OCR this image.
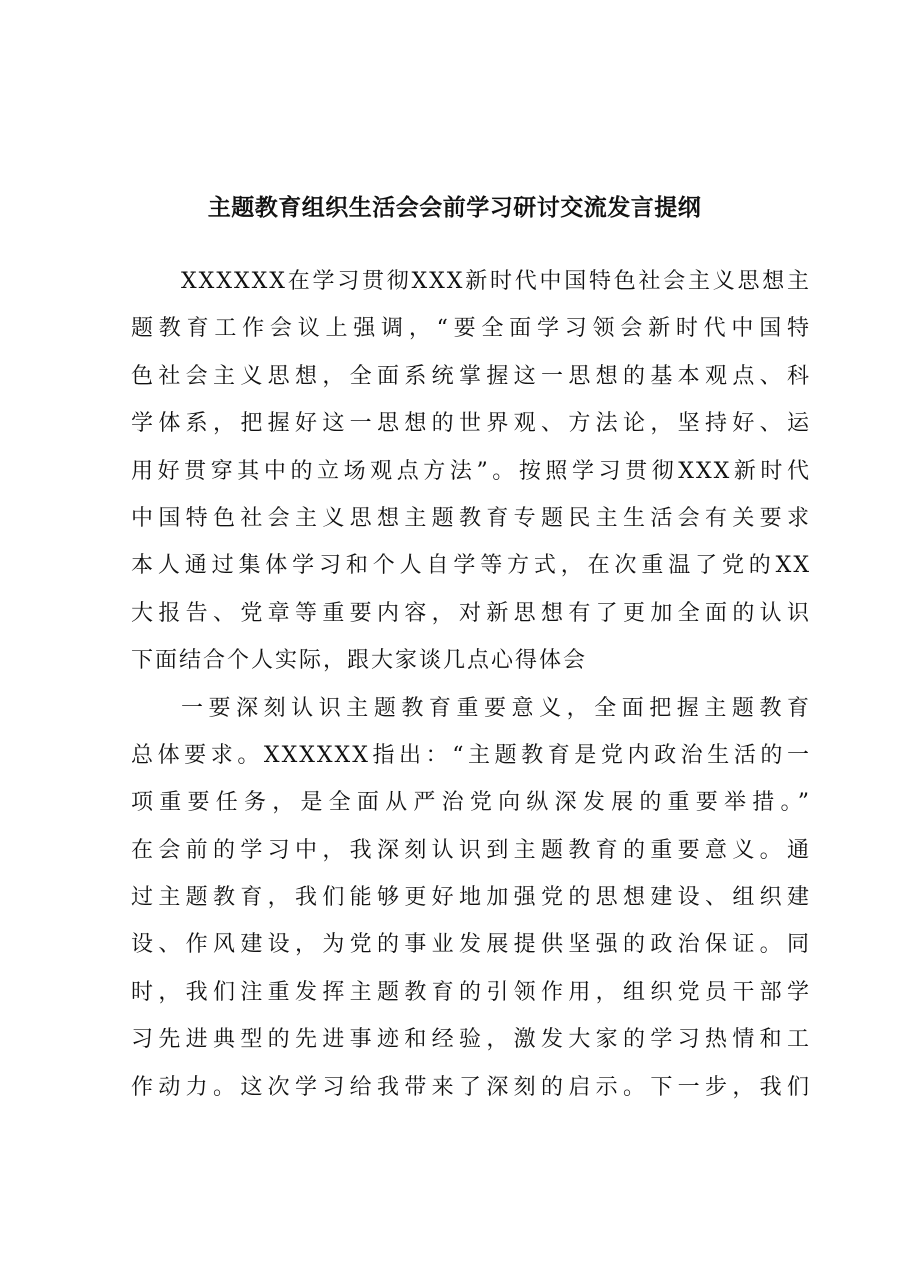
主题教育组织生活会会前学习研讨交流发言提纲
XXXXXX在学习贯彻XXX新时代中国特色社会主义思想主
题教育工作会议上强调，“要全面学习领会新时代中国特
色社会主义思想，全面系统掌握这一思想的基本观点、科
学体系，把握好这一思想的世界观、方法论，坚持好、运
用好贯穿其中的立场观点方法”。按照学习贯彻XXX新时代
中国特色社会主义思想主题教育专题民主生活会有关要求
本人通过集体学习和个人自学等方式，在次重温了党的XX
大报告、党章等重要内容，对新思想有了更加全面的认识
下面结合个人实际，跟大家谈几点心得体会
一要深刻认识主题教育重要意义，全面把握主题教育
总体要求。XXXXXX指出：“主题教育是党内政治生活的一
项重要任务，是全面从严治党向纵深发展的重要举措。”
在会前的学习中，我深刻认识到主题教育的重要意义。通
过主题教育，我们能够更好地加强党的思想建设、组织建
设、作风建设，为党的事业发展提供坚强的政治保证。同
时，我们注重发挥主题教育的引领作用，组织党员干部学
习先进典型的先进事迹和经验，激发大家的学习热情和工
作动力。这次学习给我带来了深刻的启示。下一步，我们
